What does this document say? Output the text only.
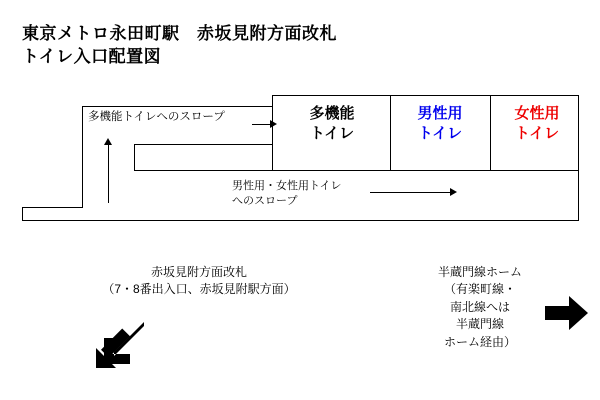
東京メトロ永田町駅　赤坂見附方面改札
トイレ入口配置図
多機能
トイレ
男性用
トイレ
女性用
トイレ
多機能トイレへのスロープ
男性用・女性用トイレ
へのスロープ
赤坂見附方面改札
（7・8番出入口、赤坂見附駅方面）
半蔵門線ホーム
（有楽町線・
南北線へは
半蔵門線
ホーム経由）
